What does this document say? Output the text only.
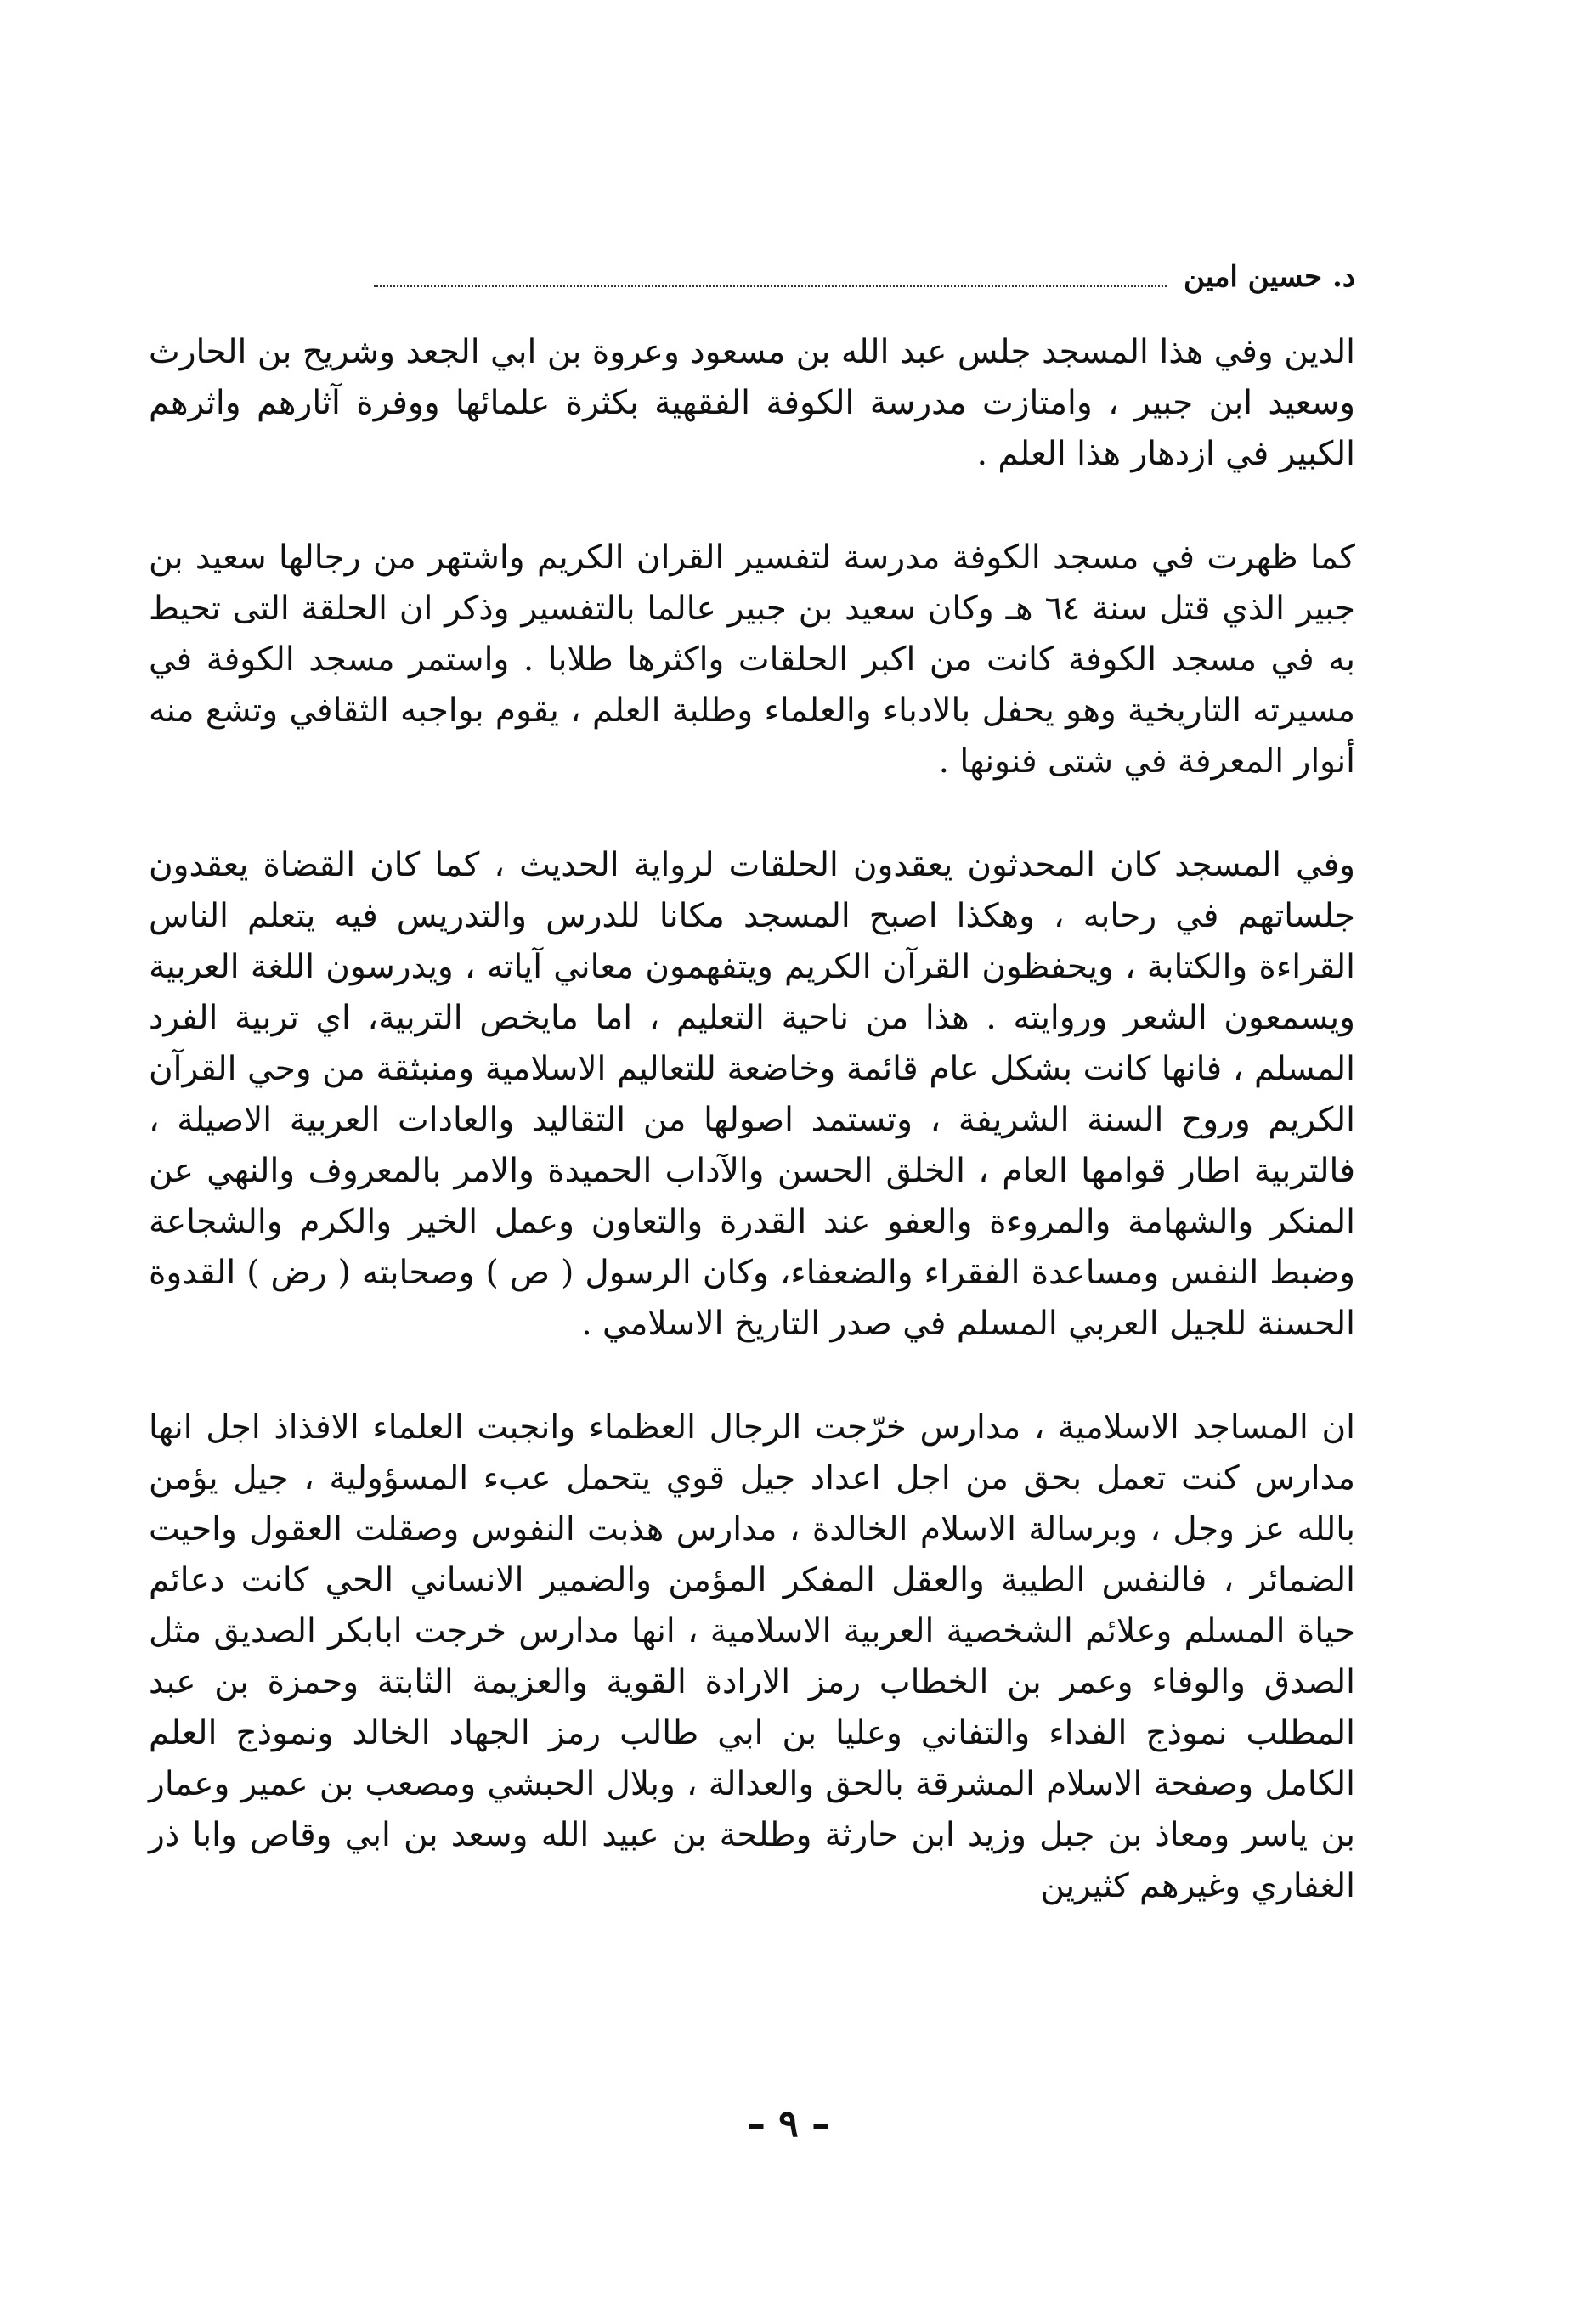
د. حسين امين

الدين وفي هذا المسجد جلس عبد الله بن مسعود وعروة بن ابي الجعد وشريح بن الحارث وسعيد ابن جبير ، وامتازت مدرسة الكوفة الفقهية بكثرة علمائها ووفرة آثارهم واثرهم الكبير في ازدهار هذا العلم .

كما ظهرت في مسجد الكوفة مدرسة لتفسير القران الكريم واشتهر من رجالها سعيد بن جبير الذي قتل سنة ٦٤ هـ وكان سعيد بن جبير عالما بالتفسير وذكر ان الحلقة التى تحيط به في مسجد الكوفة كانت من اكبر الحلقات واكثرها طلابا . واستمر مسجد الكوفة في مسيرته التاريخية وهو يحفل بالادباء والعلماء وطلبة العلم ، يقوم بواجبه الثقافي وتشع منه أنوار المعرفة في شتى فنونها .

وفي المسجد كان المحدثون يعقدون الحلقات لرواية الحديث ، كما كان القضاة يعقدون جلساتهم في رحابه ، وهكذا اصبح المسجد مكانا للدرس والتدريس فيه يتعلم الناس القراءة والكتابة ، ويحفظون القرآن الكريم ويتفهمون معاني آياته ، ويدرسون اللغة العربية ويسمعون الشعر وروايته . هذا من ناحية التعليم ، اما مايخص التربية، اي تربية الفرد المسلم ، فانها كانت بشكل عام قائمة وخاضعة للتعاليم الاسلامية ومنبثقة من وحي القرآن الكريم وروح السنة الشريفة ، وتستمد اصولها من التقاليد والعادات العربية الاصيلة ، فالتربية اطار قوامها العام ، الخلق الحسن والآداب الحميدة والامر بالمعروف والنهي عن المنكر والشهامة والمروءة والعفو عند القدرة والتعاون وعمل الخير والكرم والشجاعة وضبط النفس ومساعدة الفقراء والضعفاء، وكان الرسول ( ص ) وصحابته ( رض ) القدوة الحسنة للجيل العربي المسلم في صدر التاريخ الاسلامي .

ان المساجد الاسلامية ، مدارس خرّجت الرجال العظماء وانجبت العلماء الافذاذ اجل انها مدارس كنت تعمل بحق من اجل اعداد جيل قوي يتحمل عبء المسؤولية ، جيل يؤمن بالله عز وجل ، وبرسالة الاسلام الخالدة ، مدارس هذبت النفوس وصقلت العقول واحيت الضمائر ، فالنفس الطيبة والعقل المفكر المؤمن والضمير الانساني الحي كانت دعائم حياة المسلم وعلائم الشخصية العربية الاسلامية ، انها مدارس خرجت ابابكر الصديق مثل الصدق والوفاء وعمر بن الخطاب رمز الارادة القوية والعزيمة الثابتة وحمزة بن عبد المطلب نموذج الفداء والتفاني وعليا بن ابي طالب رمز الجهاد الخالد ونموذج العلم الكامل وصفحة الاسلام المشرقة بالحق والعدالة ، وبلال الحبشي ومصعب بن عمير وعمار بن ياسر ومعاذ بن جبل وزيد ابن حارثة وطلحة بن عبيد الله وسعد بن ابي وقاص وابا ذر الغفاري وغيرهم كثيرين

– ٩ –
